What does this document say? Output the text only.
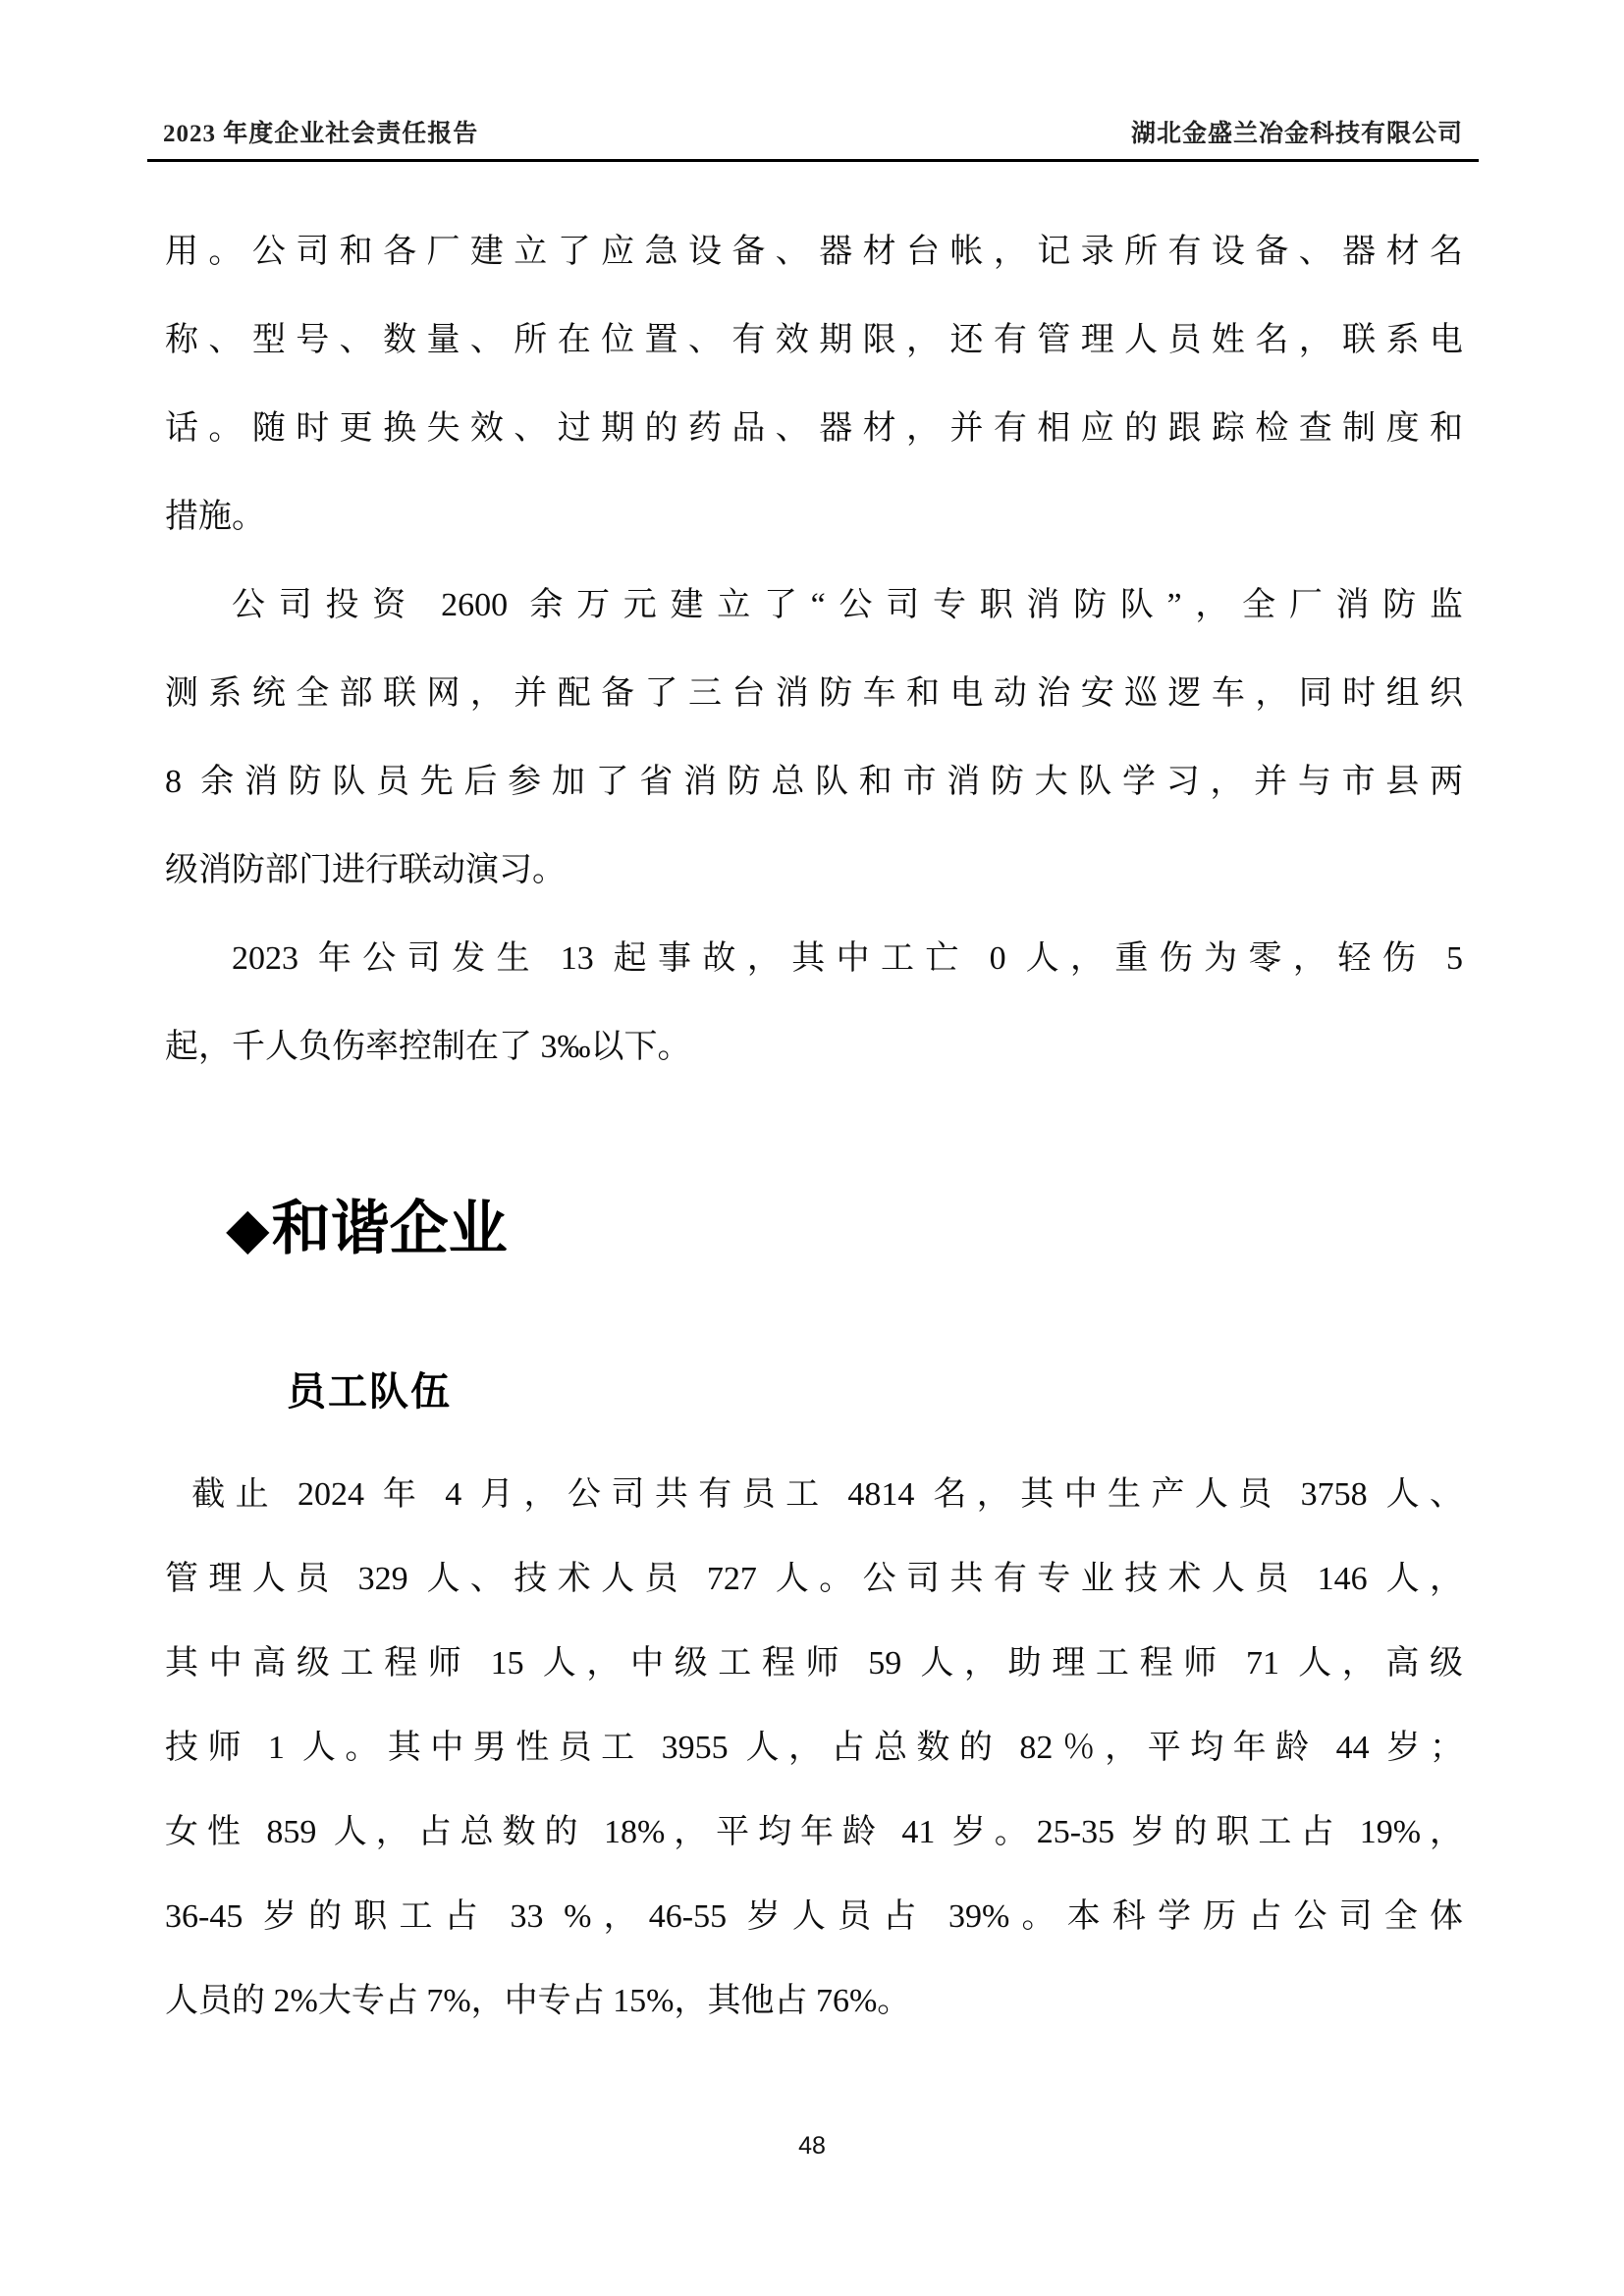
2023 年度企业社会责任报告	湖北金盛兰冶金科技有限公司
用。公司和各厂建立了应急设备、器材台帐，记录所有设备、器材名
称、型号、数量、所在位置、有效期限，还有管理人员姓名，联系电
话。随时更换失效、过期的药品、器材，并有相应的跟踪检查制度和
措施。
公司投资 2600 余万元建立了“公司专职消防队”，全厂消防监
测系统全部联网，并配备了三台消防车和电动治安巡逻车，同时组织
8 余消防队员先后参加了省消防总队和市消防大队学习，并与市县两
级消防部门进行联动演习。
2023 年公司发生 13 起事故，其中工亡 0 人，重伤为零，轻伤 5
起，千人负伤率控制在了 3‰以下。
◆ 和谐企业
员工队伍
截止 2024 年 4 月，公司共有员工 4814 名，其中生产人员 3758 人、
管理人员 329 人、技术人员 727 人。公司共有专业技术人员 146 人，
其中高级工程师 15 人，中级工程师 59 人，助理工程师 71 人，高级
技师 1 人。其中男性员工 3955 人，占总数的 82％，平均年龄 44 岁；
女性 859 人，占总数的 18%，平均年龄 41 岁。25-35 岁的职工占 19%，
36-45 岁的职工占 33 %，46-55 岁人员占 39%。本科学历占公司全体
人员的 2%大专占 7%，中专占 15%，其他占 76%。
48
